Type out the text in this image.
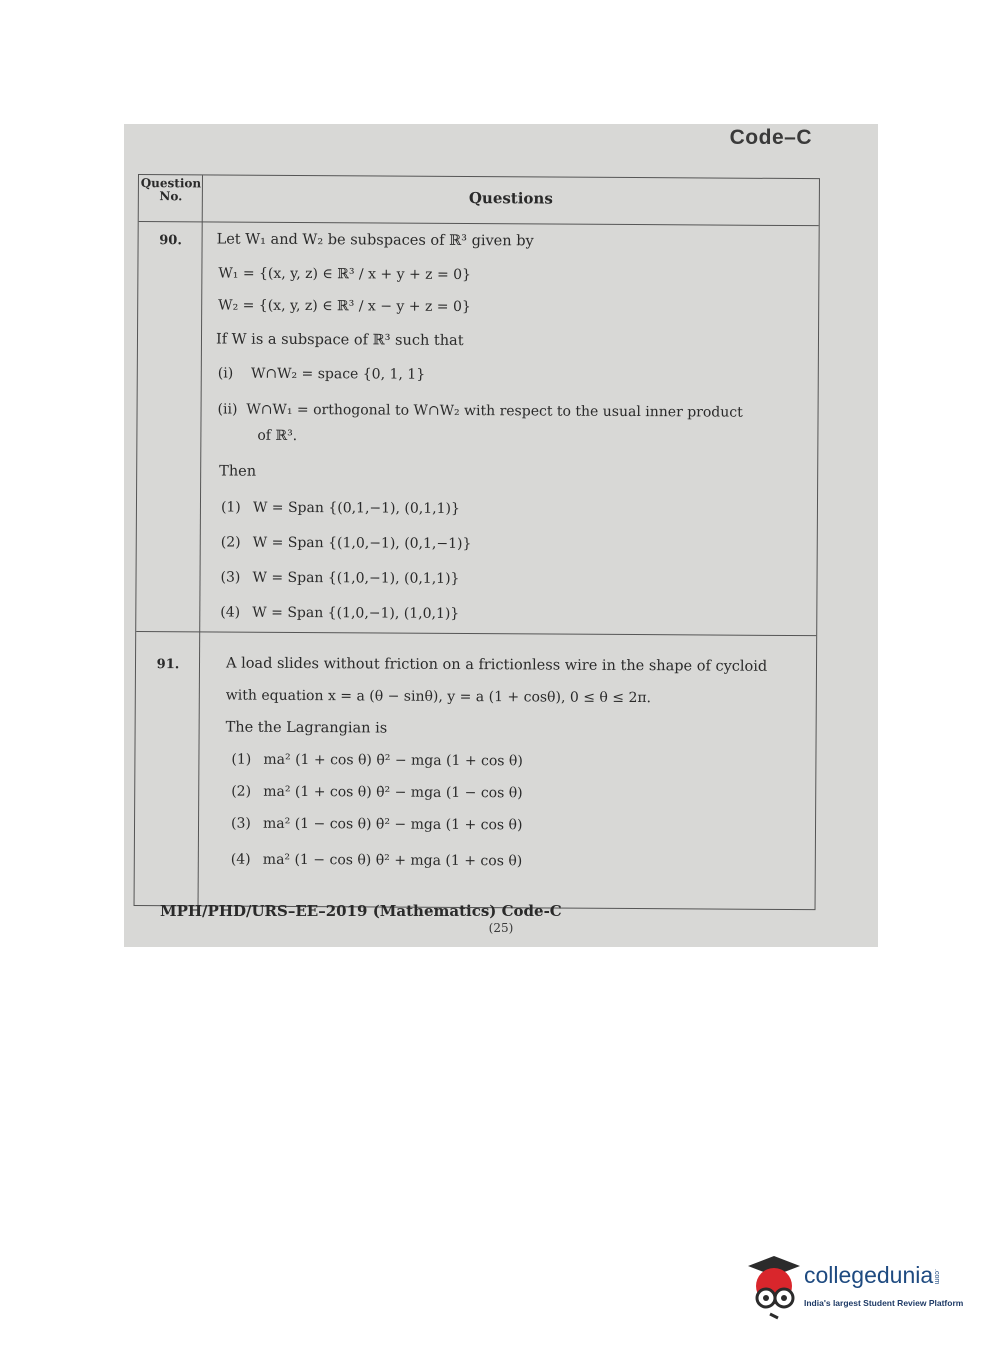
Code–C
Question No.	Questions
90.	Let W₁ and W₂ be subspaces of ℝ³ given by
W₁ = {(x, y, z) ∈ ℝ³ / x + y + z = 0}
W₂ = {(x, y, z) ∈ ℝ³ / x − y + z = 0}
If W is a subspace of ℝ³ such that
(i)    W∩W₂ = space {0, 1, 1}
(ii)  W∩W₁ = orthogonal to W∩W₂ with respect to the usual inner product
of ℝ³.
Then
(1) W = Span {(0,1,−1), (0,1,1)}
(2) W = Span {(1,0,−1), (0,1,−1)}
(3) W = Span {(1,0,−1), (0,1,1)}
(4) W = Span {(1,0,−1), (1,0,1)}
91.	A load slides without friction on a frictionless wire in the shape of cycloid
with equation x = a (θ − sinθ), y = a (1 + cosθ), 0 ≤ θ ≤ 2π.
The the Lagrangian is
(1) ma² (1 + cos θ) θ̇² − mga (1 + cos θ)
(2) ma² (1 + cos θ) θ̇² − mga (1 − cos θ)
(3) ma² (1 − cos θ) θ̇² − mga (1 + cos θ)
(4) ma² (1 − cos θ) θ̇² + mga (1 + cos θ)
MPH/PHD/URS–EE–2019 (Mathematics) Code-C
(25)
collegedunia.com
India's largest Student Review Platform
